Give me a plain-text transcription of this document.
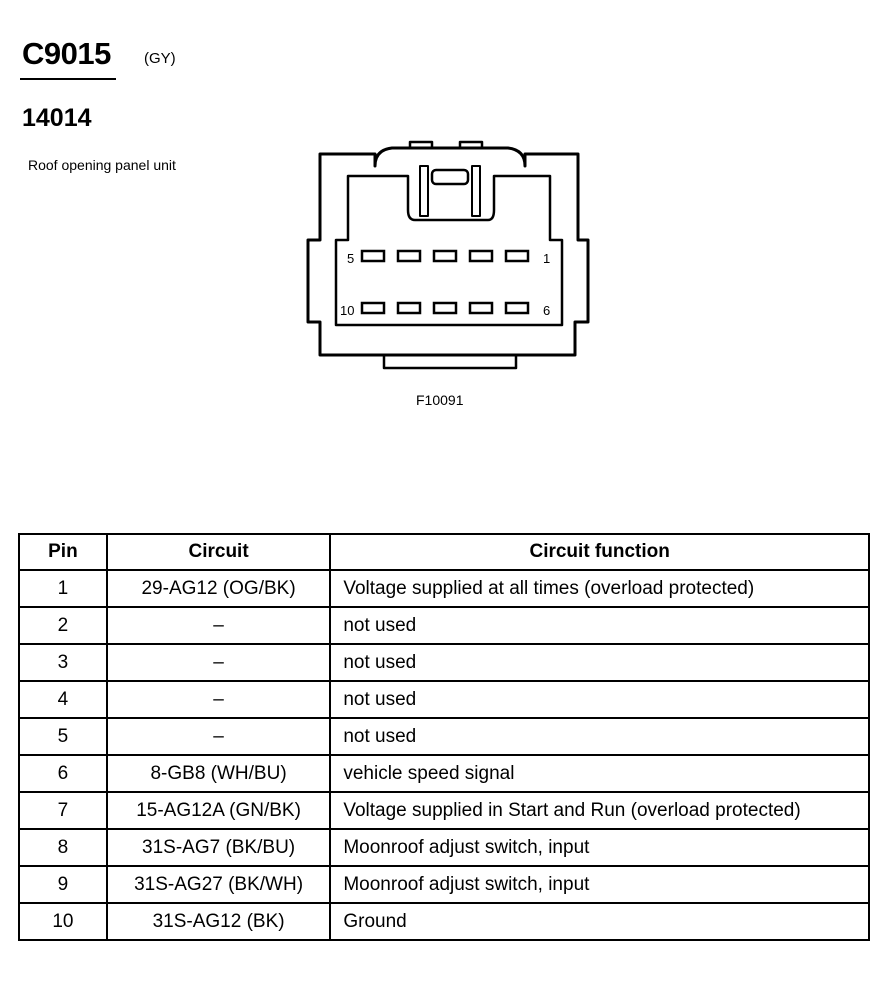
C9015 (GY)
14014
Roof opening panel unit
5	1
10	6
F10091
Pin	Circuit	Circuit function
1	29-AG12 (OG/BK)	Voltage supplied at all times (overload protected)
2	–	not used
3	–	not used
4	–	not used
5	–	not used
6	8-GB8 (WH/BU)	vehicle speed signal
7	15-AG12A (GN/BK)	Voltage supplied in Start and Run (overload protected)
8	31S-AG7 (BK/BU)	Moonroof adjust switch, input
9	31S-AG27 (BK/WH)	Moonroof adjust switch, input
10	31S-AG12 (BK)	Ground
